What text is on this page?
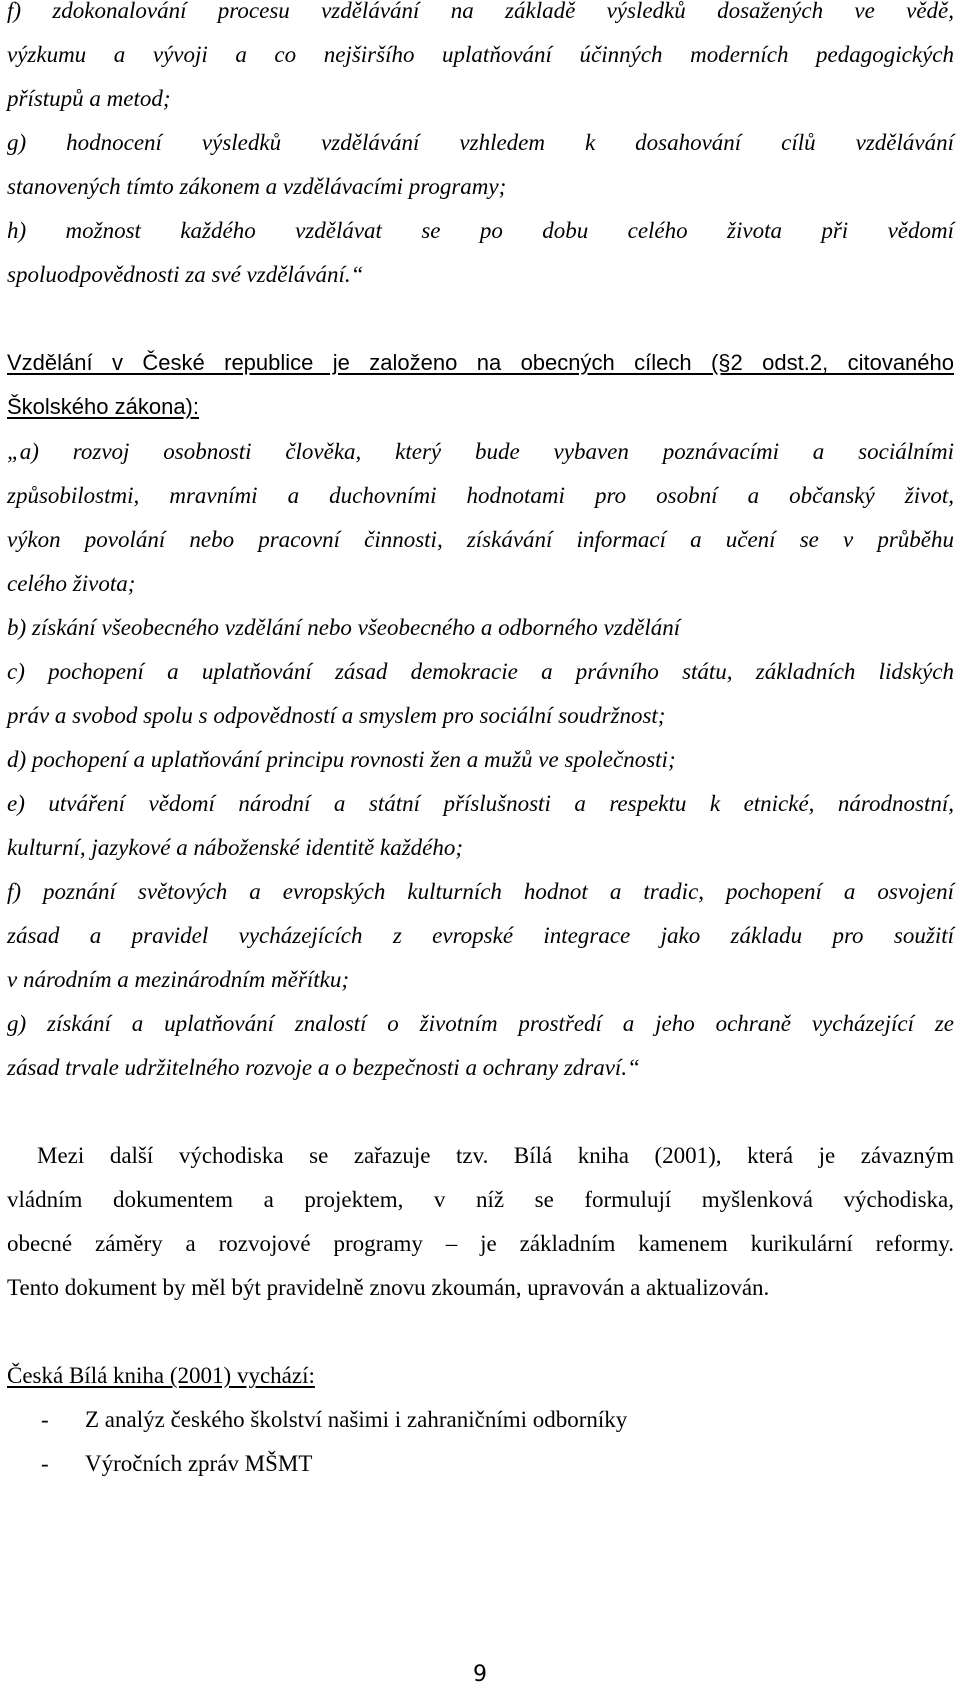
f) zdokonalování procesu vzdělávání na základě výsledků dosažených ve vědě,
výzkumu a vývoji a co nejširšího uplatňování účinných moderních pedagogických
přístupů a metod;
g) hodnocení výsledků vzdělávání vzhledem k dosahování cílů vzdělávání
stanovených tímto zákonem a vzdělávacími programy;
h) možnost každého vzdělávat se po dobu celého života při vědomí
spoluodpovědnosti za své vzdělávání.“
Vzdělání v České republice je založeno na obecných cílech (§2 odst.2, citovaného
Školského zákona):
„a) rozvoj osobnosti člověka, který bude vybaven poznávacími a sociálními
způsobilostmi, mravními a duchovními hodnotami pro osobní a občanský život,
výkon povolání nebo pracovní činnosti, získávání informací a učení se v průběhu
celého života;
b) získání všeobecného vzdělání nebo všeobecného a odborného vzdělání
c) pochopení a uplatňování zásad demokracie a právního státu, základních lidských
práv a svobod spolu s odpovědností a smyslem pro sociální soudržnost;
d) pochopení a uplatňování principu rovnosti žen a mužů ve společnosti;
e) utváření vědomí národní a státní příslušnosti a respektu k etnické, národnostní,
kulturní, jazykové a náboženské identitě každého;
f) poznání světových a evropských kulturních hodnot a tradic, pochopení a osvojení
zásad a pravidel vycházejících z evropské integrace jako základu pro soužití
v národním a mezinárodním měřítku;
g) získání a uplatňování znalostí o životním prostředí a jeho ochraně vycházející ze
zásad trvale udržitelného rozvoje a o bezpečnosti a ochrany zdraví.“
Mezi další východiska se zařazuje tzv. Bílá kniha (2001), která je závazným
vládním dokumentem a projektem, v níž se formulují myšlenková východiska,
obecné záměry a rozvojové programy – je základním kamenem kurikulární reformy.
Tento dokument by měl být pravidelně znovu zkoumán, upravován a aktualizován.
Česká Bílá kniha (2001) vychází:
- Z analýz českého školství našimi i zahraničními odborníky
- Výročních zpráv MŠMT
9
